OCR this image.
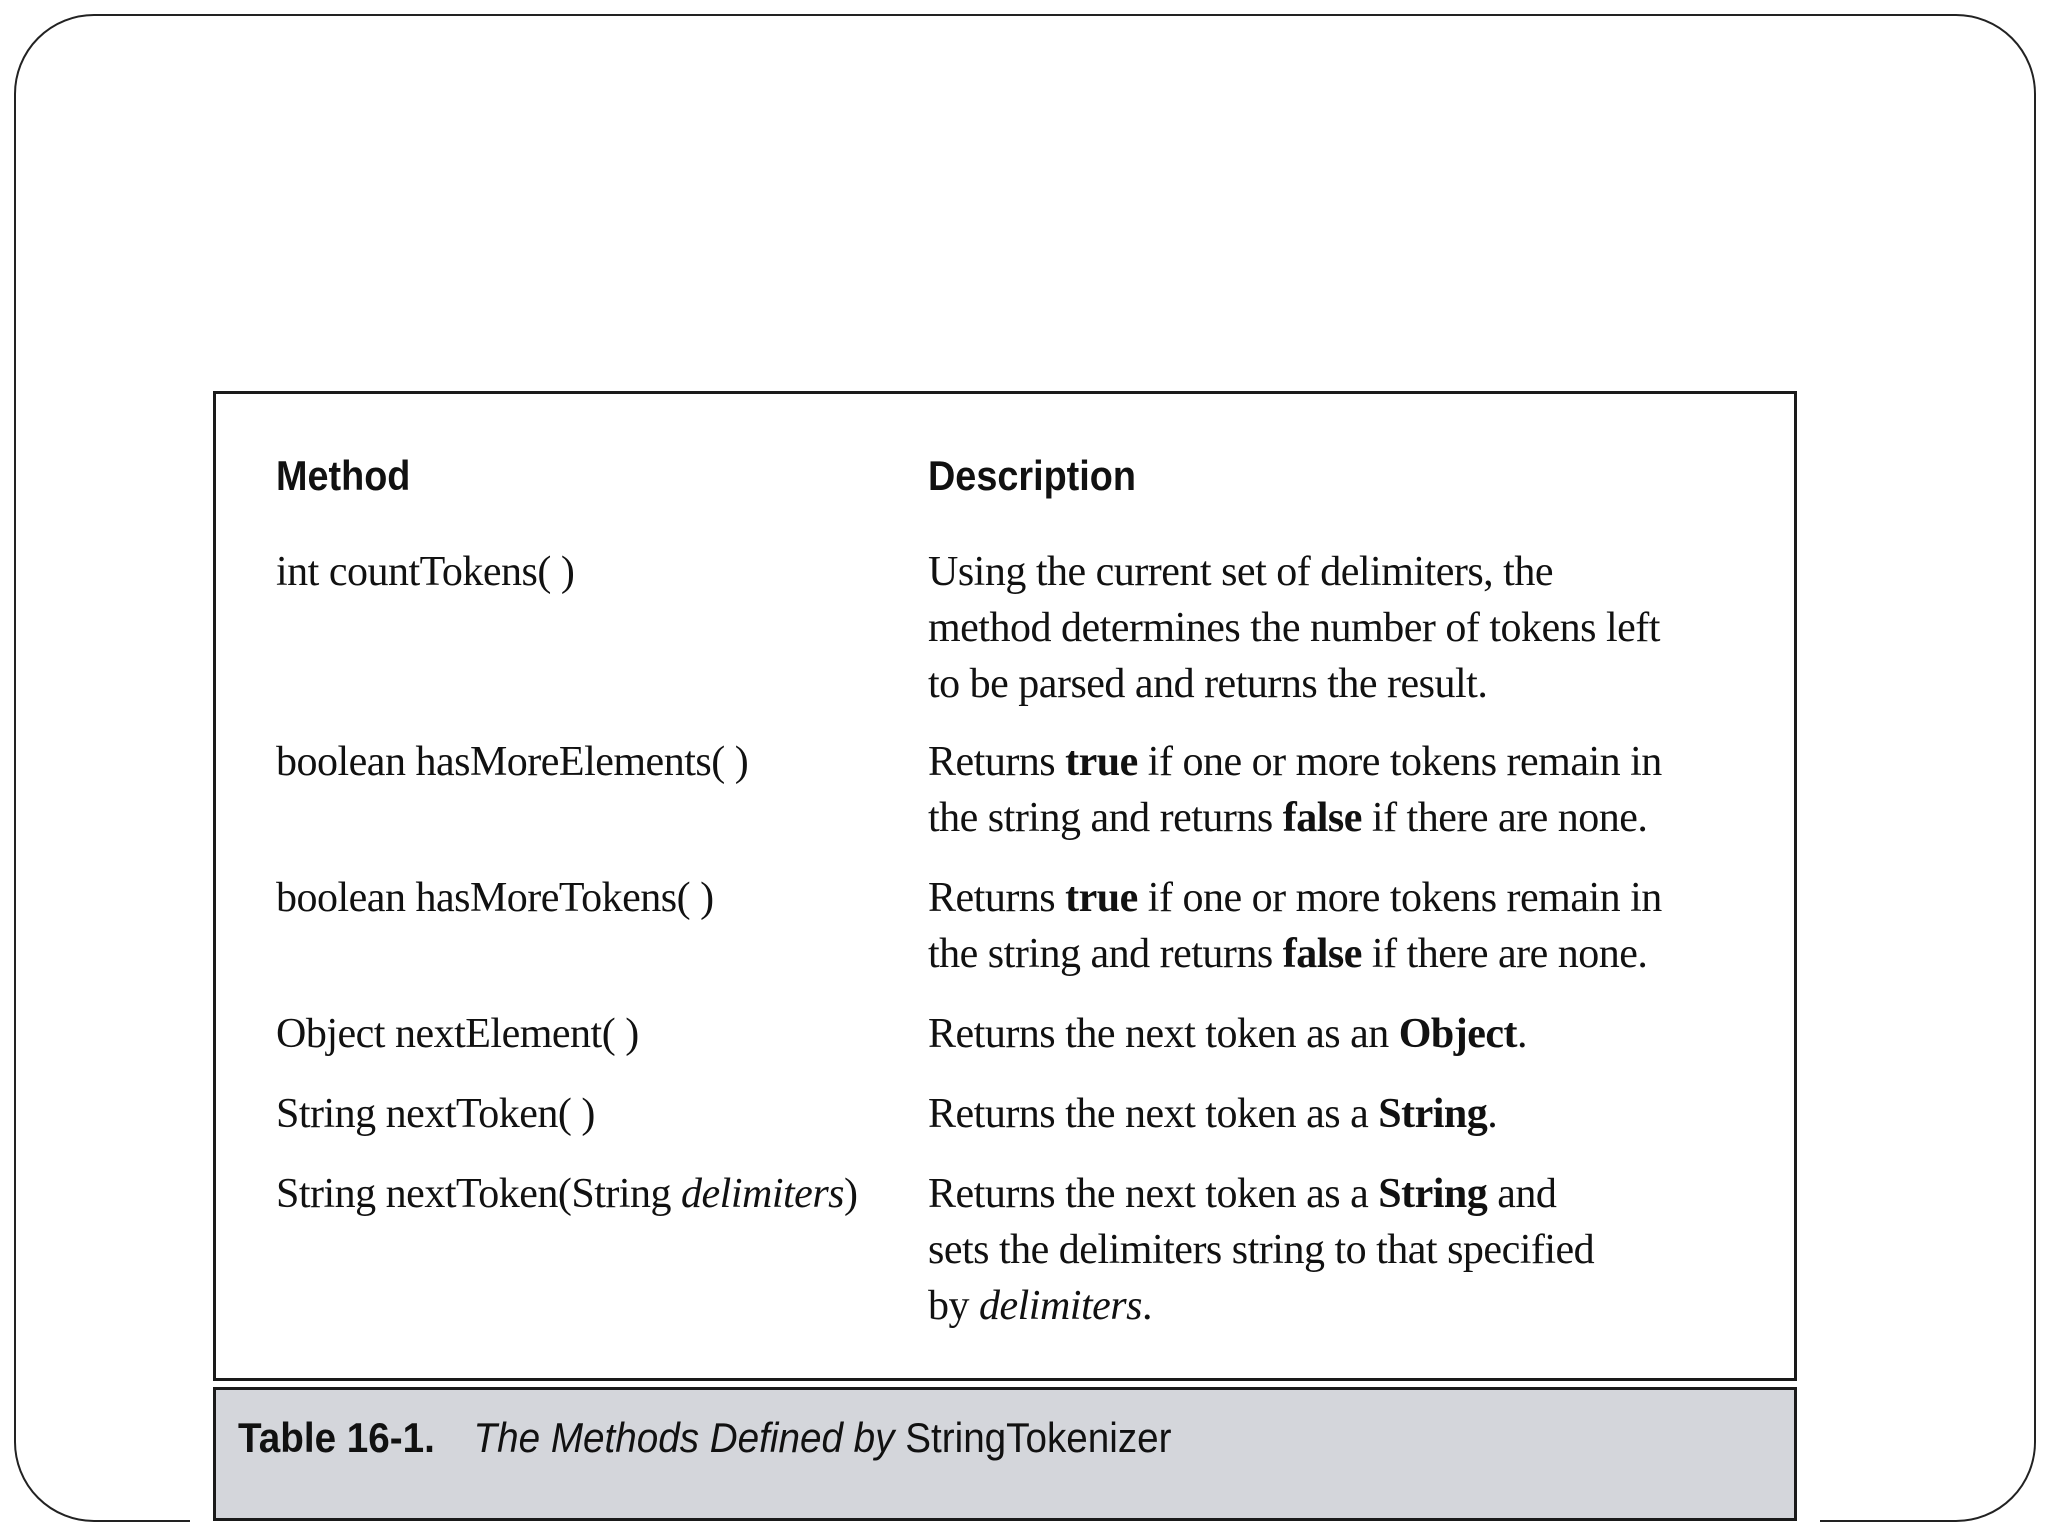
Method	Description
int countTokens( )	Using the current set of delimiters, the
method determines the number of tokens left
to be parsed and returns the result.
boolean hasMoreElements( )	Returns true if one or more tokens remain in
the string and returns false if there are none.
boolean hasMoreTokens( )	Returns true if one or more tokens remain in
the string and returns false if there are none.
Object nextElement( )	Returns the next token as an Object.
String nextToken( )	Returns the next token as a String.
String nextToken(String delimiters)	Returns the next token as a String and
sets the delimiters string to that specified
by delimiters.
Table 16-1. The Methods Defined by StringTokenizer
